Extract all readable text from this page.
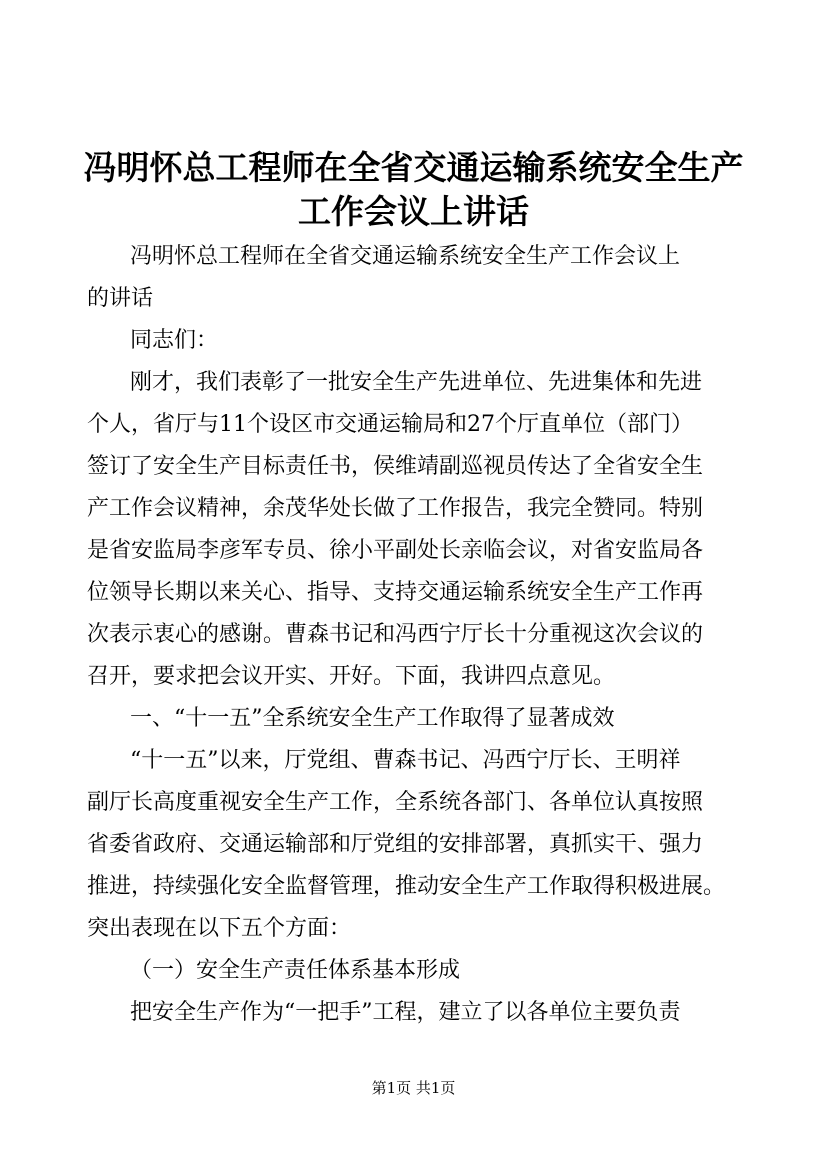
冯明怀总工程师在全省交通运输系统安全生产
工作会议上讲话
冯明怀总工程师在全省交通运输系统安全生产工作会议上
的讲话
同志们：
刚才，我们表彰了一批安全生产先进单位、先进集体和先进
个人，省厅与11个设区市交通运输局和27个厅直单位（部门）
签订了安全生产目标责任书，侯维靖副巡视员传达了全省安全生
产工作会议精神，余茂华处长做了工作报告，我完全赞同。特别
是省安监局李彦军专员、徐小平副处长亲临会议，对省安监局各
位领导长期以来关心、指导、支持交通运输系统安全生产工作再
次表示衷心的感谢。曹森书记和冯西宁厅长十分重视这次会议的
召开，要求把会议开实、开好。下面，我讲四点意见。
一、“十一五”全系统安全生产工作取得了显著成效
“十一五”以来，厅党组、曹森书记、冯西宁厅长、王明祥
副厅长高度重视安全生产工作，全系统各部门、各单位认真按照
省委省政府、交通运输部和厅党组的安排部署，真抓实干、强力
推进，持续强化安全监督管理，推动安全生产工作取得积极进展。
突出表现在以下五个方面：
（一）安全生产责任体系基本形成
把安全生产作为“一把手”工程，建立了以各单位主要负责
第1页 共1页
